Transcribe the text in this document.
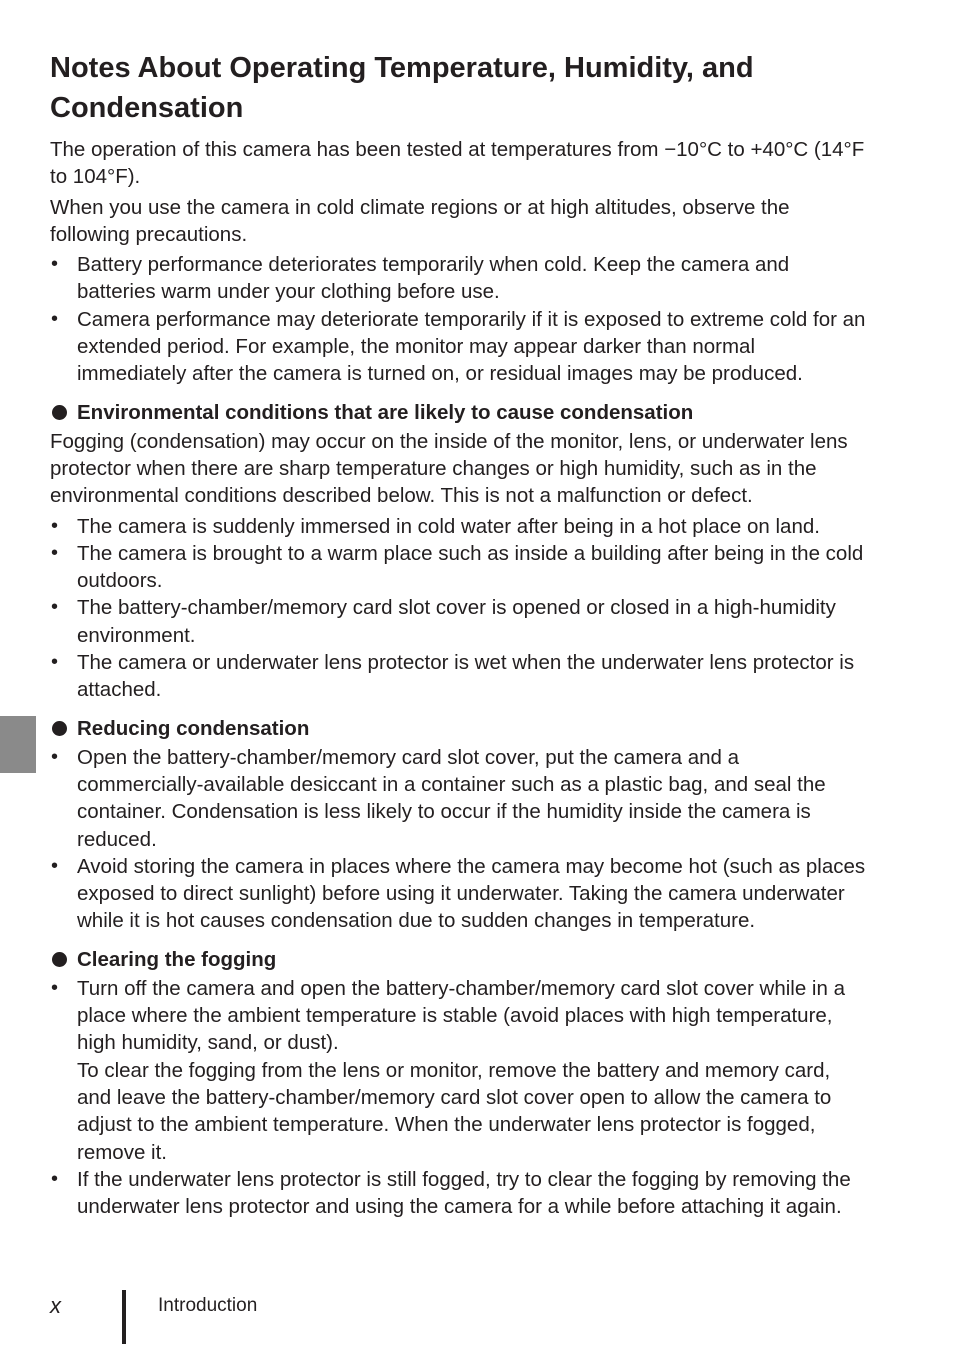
Notes About Operating Temperature, Humidity, and Condensation

The operation of this camera has been tested at temperatures from −10°C to +40°C (14°F to 104°F).

When you use the camera in cold climate regions or at high altitudes, observe the following precautions.

• Battery performance deteriorates temporarily when cold. Keep the camera and batteries warm under your clothing before use.
• Camera performance may deteriorate temporarily if it is exposed to extreme cold for an extended period. For example, the monitor may appear darker than normal immediately after the camera is turned on, or residual images may be produced.
Environmental conditions that are likely to cause condensation

Fogging (condensation) may occur on the inside of the monitor, lens, or underwater lens protector when there are sharp temperature changes or high humidity, such as in the environmental conditions described below. This is not a malfunction or defect.

• The camera is suddenly immersed in cold water after being in a hot place on land.
• The camera is brought to a warm place such as inside a building after being in the cold outdoors.
• The battery-chamber/memory card slot cover is opened or closed in a high-humidity environment.
• The camera or underwater lens protector is wet when the underwater lens protector is attached.
Reducing condensation
• Open the battery-chamber/memory card slot cover, put the camera and a commercially-available desiccant in a container such as a plastic bag, and seal the container. Condensation is less likely to occur if the humidity inside the camera is reduced.
• Avoid storing the camera in places where the camera may become hot (such as places exposed to direct sunlight) before using it underwater. Taking the camera underwater while it is hot causes condensation due to sudden changes in temperature.
Clearing the fogging
• Turn off the camera and open the battery-chamber/memory card slot cover while in a place where the ambient temperature is stable (avoid places with high temperature, high humidity, sand, or dust).
To clear the fogging from the lens or monitor, remove the battery and memory card, and leave the battery-chamber/memory card slot cover open to allow the camera to adjust to the ambient temperature. When the underwater lens protector is fogged, remove it.
• If the underwater lens protector is still fogged, try to clear the fogging by removing the underwater lens protector and using the camera for a while before attaching it again.
x	Introduction
